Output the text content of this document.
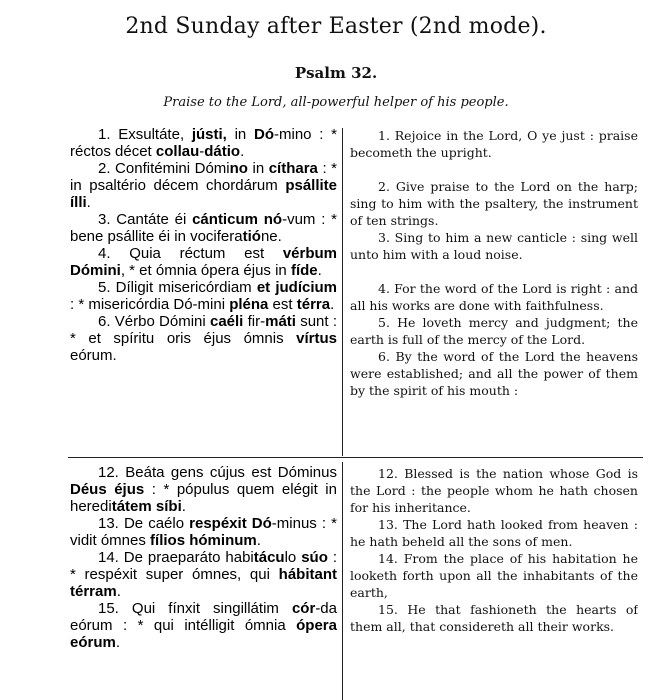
2nd Sunday after Easter (2nd mode).
Psalm 32.
Praise to the Lord, all-powerful helper of his people.

1. Exsultáte, jústi, in Dó-mino : * réctos décet collau-dátio.

2. Confitémini Dómino in cíthara : * in psaltério décem chordárum psállite ílli.

3. Cantáte éi cánticum nó-vum : * bene psállite éi in vociferatióne.

4. Quia réctum est vérbum Dómini, * et ómnia ópera éjus in fíde.

5. Díligit misericórdiam et judícium : * misericórdia Dó-mini pléna est térra.

6. Vérbo Dómini caéli fir-máti sunt : * et spíritu oris éjus ómnis vírtus eórum.

1. Rejoice in the Lord, O ye just : praise becometh the upright.

2. Give praise to the Lord on the harp; sing to him with the psaltery, the instrument of ten strings.

3. Sing to him a new canticle : sing well unto him with a loud noise.

4. For the word of the Lord is right : and all his works are done with faithfulness.

5. He loveth mercy and judgment; the earth is full of the mercy of the Lord.

6. By the word of the Lord the heavens were established; and all the power of them by the spirit of his mouth :

12. Beáta gens cújus est Dóminus Déus éjus : * pópulus quem elégit in hereditátem síbi.

13. De caélo respéxit Dó-minus : * vidit ómnes fílios hóminum.

14. De praeparáto habitáculo súo : * respéxit super ómnes, qui hábitant térram.

15. Qui fínxit singillátim cór-da eórum : * qui intélligit ómnia ópera eórum.

12. Blessed is the nation whose God is the Lord : the people whom he hath chosen for his inheritance.

13. The Lord hath looked from heaven : he hath beheld all the sons of men.

14. From the place of his habitation he looketh forth upon all the inhabitants of the earth,

15. He that fashioneth the hearts of them all, that considereth all their works.
